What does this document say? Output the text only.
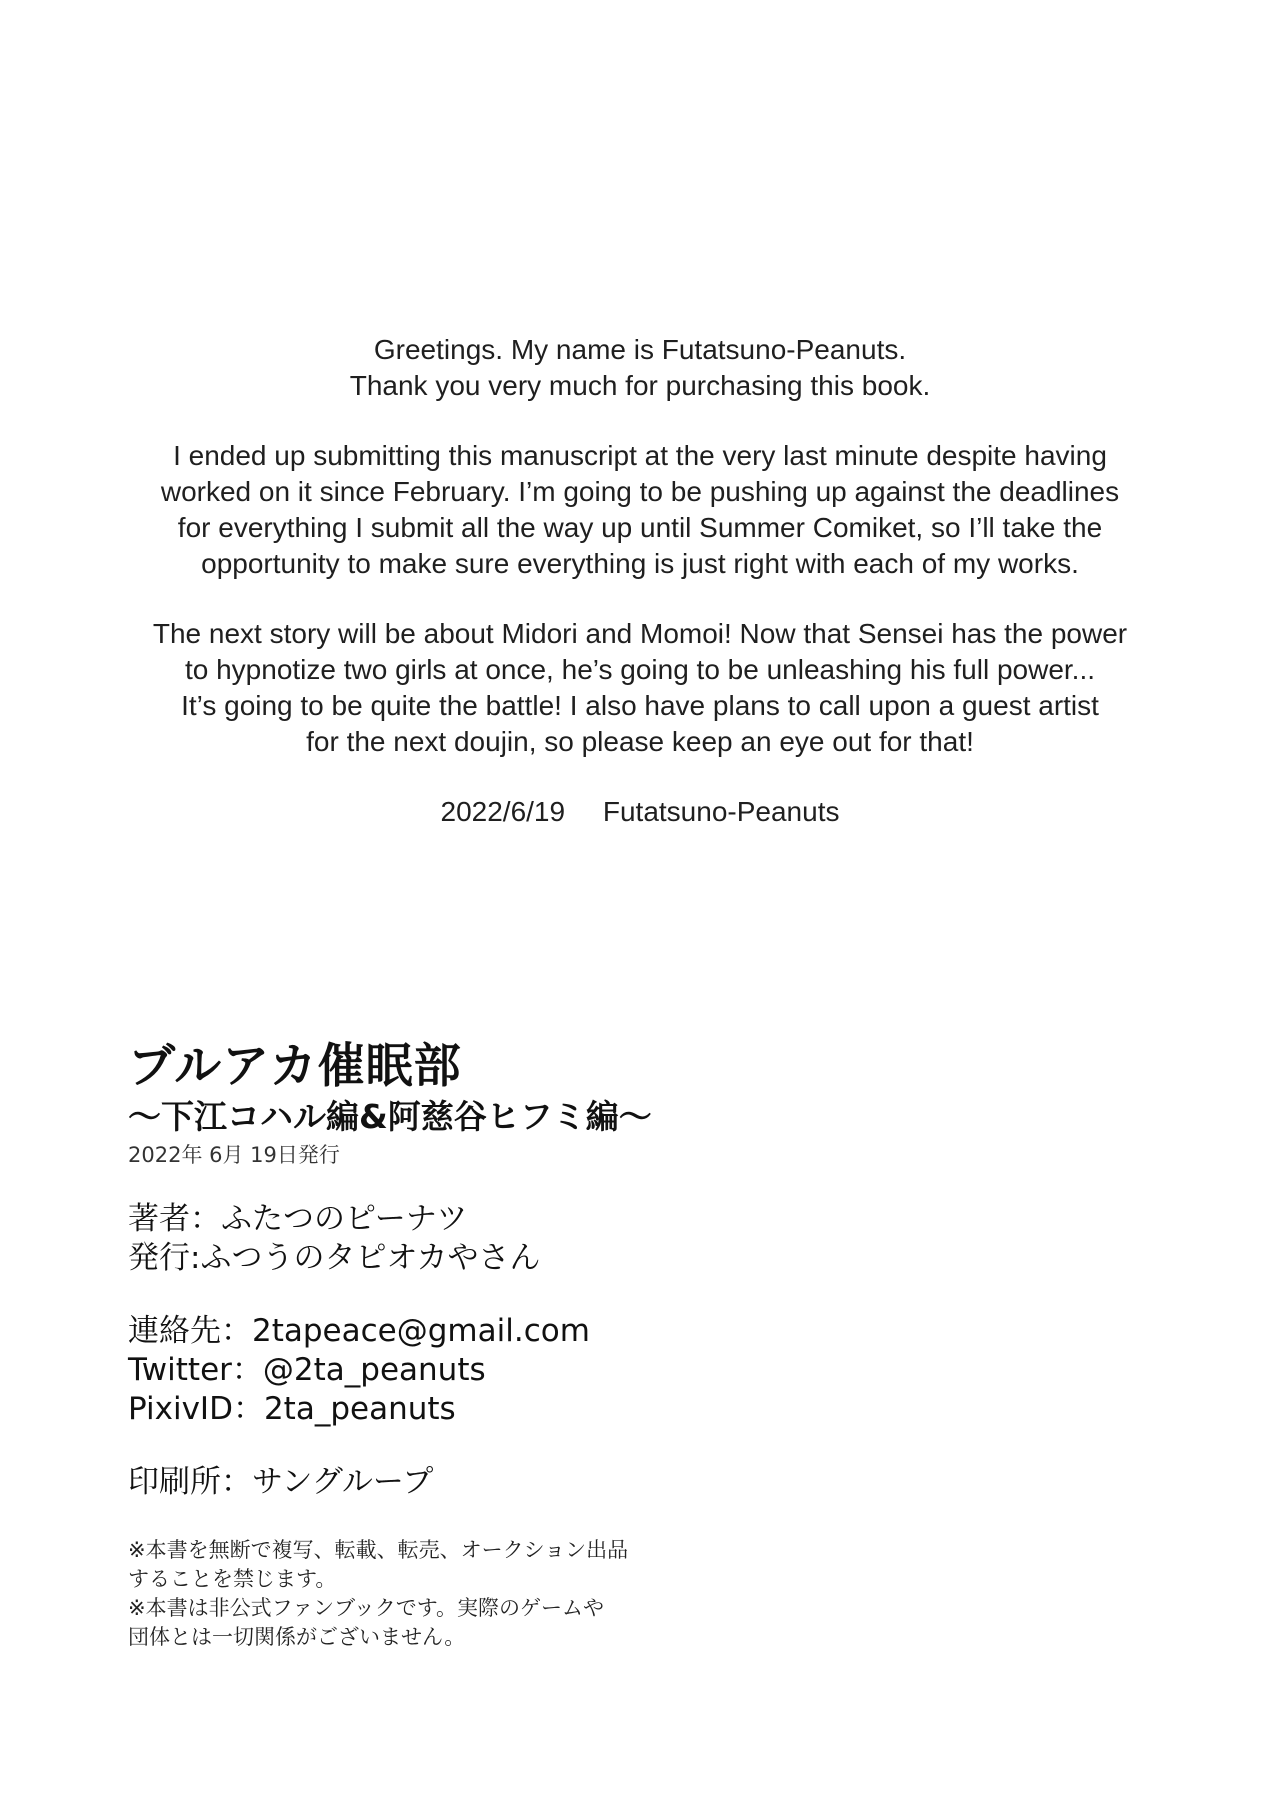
Greetings. My name is Futatsuno-Peanuts.
Thank you very much for purchasing this book.
I ended up submitting this manuscript at the very last minute despite having
worked on it since February. I’m going to be pushing up against the deadlines
for everything I submit all the way up until Summer Comiket, so I’ll take the
opportunity to make sure everything is just right with each of my works.
The next story will be about Midori and Momoi! Now that Sensei has the power
to hypnotize two girls at once, he’s going to be unleashing his full power...
It’s going to be quite the battle! I also have plans to call upon a guest artist
for the next doujin, so please keep an eye out for that!

2022/6/19 Futatsuno-Peanuts

ブルアカ催眠部
～下江コハル編&阿慈谷ヒフミ編～

2022年 6月 19日発行

著者：ふたつのピーナツ

発行:ふつうのタピオカやさん

連絡先：2tapeace@gmail.com

Twitter：@2ta_peanuts

PixivID：2ta_peanuts

印刷所：サングループ

※本書を無断で複写、転載、転売、オークション出品

することを禁じます。

※本書は非公式ファンブックです。実際のゲームや

団体とは一切関係がございません。
